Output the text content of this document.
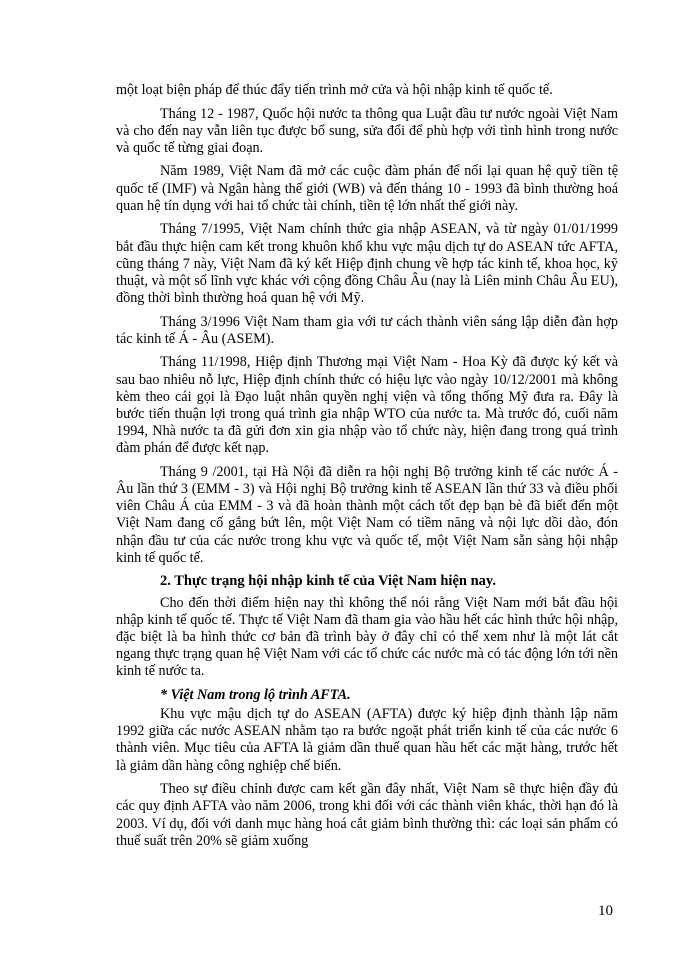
một loạt biện pháp để thúc đẩy tiến trình mở cửa và hội nhập kinh tế quốc tế.

Tháng 12 - 1987, Quốc hội nước ta thông qua Luật đầu tư nước ngoài Việt Nam và cho đến nay vẫn liên tục được bổ sung, sửa đổi để phù hợp với tình hình trong nước và quốc tế từng giai đoạn.

Năm 1989, Việt Nam đã mở các cuộc đàm phán để nối lại quan hệ quỹ tiền tệ quốc tế (IMF) và Ngân hàng thế giới (WB) và đến tháng 10 - 1993 đã bình thường hoá quan hệ tín dụng với hai tổ chức tài chính, tiền tệ lớn nhất thế giới này.

Tháng 7/1995, Việt Nam chính thức gia nhập ASEAN, và từ ngày 01/01/1999 bắt đầu thực hiện cam kết trong khuôn khổ khu vực mậu dịch tự do ASEAN tức AFTA, cũng tháng 7 này, Việt Nam đã ký kết Hiệp định chung về hợp tác kinh tế, khoa học, kỹ thuật, và một số lĩnh vực khác với cộng đồng Châu Âu (nay là Liên minh Châu Âu EU), đồng thời bình thường hoá quan hệ với Mỹ.

Tháng 3/1996 Việt Nam tham gia với tư cách thành viên sáng lập diễn đàn hợp tác kinh tế Á - Âu (ASEM).

Tháng 11/1998, Hiệp định Thương mại Việt Nam - Hoa Kỳ đã được ký kết và sau bao nhiêu nỗ lực, Hiệp định chính thức có hiệu lực vào ngày 10/12/2001 mà không kèm theo cái gọi là Đạo luật nhân quyền nghị viện và tổng thống Mỹ đưa ra. Đây là bước tiến thuận lợi trong quá trình gia nhập WTO của nước ta. Mà trước đó, cuối năm 1994, Nhà nước ta đã gửi đơn xin gia nhập vào tổ chức này, hiện đang trong quá trình đàm phán để được kết nạp.

Tháng 9 /2001, tại Hà Nội đã diễn ra hội nghị Bộ trưởng kinh tế các nước Á - Âu lần thứ 3 (EMM - 3) và Hội nghị Bộ trưởng kinh tế ASEAN lần thứ 33 và điều phối viên Châu Á của EMM - 3 và đã hoàn thành một cách tốt đẹp bạn bè đã biết đến một Việt Nam đang cố gắng bứt lên, một Việt Nam có tiềm năng và nội lực dồi dào, đón nhận đầu tư của các nước trong khu vực và quốc tế, một Việt Nam sẵn sàng hội nhập kinh tế quốc tế.

2. Thực trạng hội nhập kinh tế của Việt Nam hiện nay.

Cho đến thời điểm hiện nay thì không thể nói rằng Việt Nam mới bắt đầu hội nhập kinh tế quốc tế. Thực tế Việt Nam đã tham gia vào hầu hết các hình thức hội nhập, đặc biệt là ba hình thức cơ bản đã trình bày ở đây chỉ có thể xem như là một lát cắt ngang thực trạng quan hệ Việt Nam với các tổ chức các nước mà có tác động lớn tới nền kinh tế nước ta.

* Việt Nam trong lộ trình AFTA.

Khu vực mậu dịch tự do ASEAN (AFTA) được ký hiệp định thành lập năm 1992 giữa các nước ASEAN nhằm tạo ra bước ngoặt phát triển kinh tế của các nước 6 thành viên. Mục tiêu của AFTA là giảm dần thuế quan hầu hết các mặt hàng, trước hết là giảm dần hàng công nghiệp chế biến.

Theo sự điều chỉnh được cam kết gần đây nhất, Việt Nam sẽ thực hiện đầy đủ các quy định AFTA vào năm 2006, trong khi đối với các thành viên khác, thời hạn đó là 2003. Ví dụ, đối với danh mục hàng hoá cắt giảm bình thường thì: các loại sản phẩm có thuế suất trên 20% sẽ giảm xuống

10
